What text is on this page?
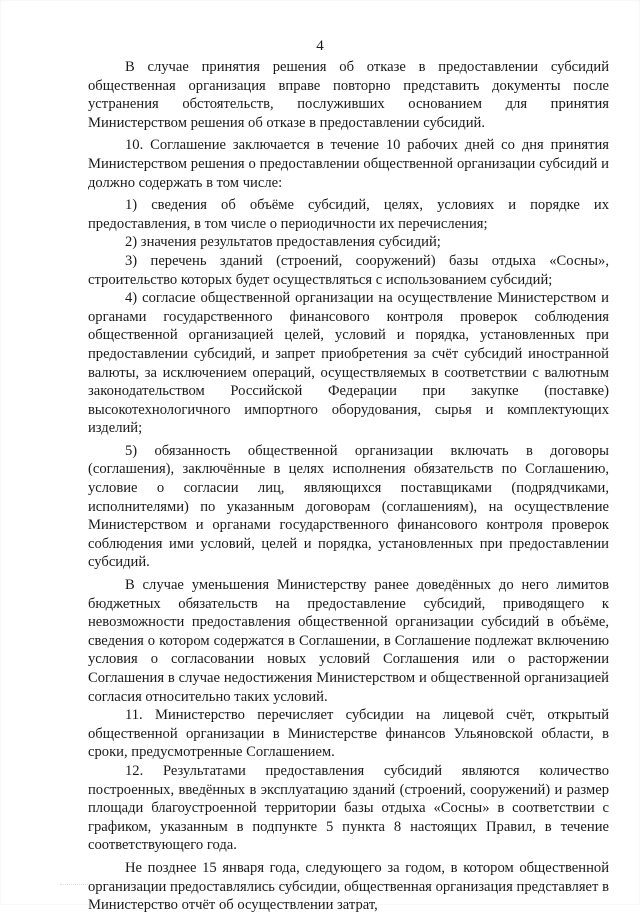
4

В случае принятия решения об отказе в предоставлении субсидий общественная организация вправе повторно представить документы после устранения обстоятельств, послуживших основанием для принятия Министерством решения об отказе в предоставлении субсидий.

10. Соглашение заключается в течение 10 рабочих дней со дня принятия Министерством решения о предоставлении общественной организации субсидий и должно содержать в том числе:

1) сведения об объёме субсидий, целях, условиях и порядке их предоставления, в том числе о периодичности их перечисления;

2) значения результатов предоставления субсидий;

3) перечень зданий (строений, сооружений) базы отдыха «Сосны», строительство которых будет осуществляться с использованием субсидий;

4) согласие общественной организации на осуществление Министерством и органами государственного финансового контроля проверок соблюдения общественной организацией целей, условий и порядка, установленных при предоставлении субсидий, и запрет приобретения за счёт субсидий иностранной валюты, за исключением операций, осуществляемых в соответствии с валютным законодательством Российской Федерации при закупке (поставке) высокотехнологичного импортного оборудования, сырья и комплектующих изделий;

5) обязанность общественной организации включать в договоры (соглашения), заключённые в целях исполнения обязательств по Соглашению, условие о согласии лиц, являющихся поставщиками (подрядчиками, исполнителями) по указанным договорам (соглашениям), на осуществление Министерством и органами государственного финансового контроля проверок соблюдения ими условий, целей и порядка, установленных при предоставлении субсидий.

В случае уменьшения Министерству ранее доведённых до него лимитов бюджетных обязательств на предоставление субсидий, приводящего к невозможности предоставления общественной организации субсидий в объёме, сведения о котором содержатся в Соглашении, в Соглашение подлежат включению условия о согласовании новых условий Соглашения или о расторжении Соглашения в случае недостижения Министерством и общественной организацией согласия относительно таких условий.

11. Министерство перечисляет субсидии на лицевой счёт, открытый общественной организации в Министерстве финансов Ульяновской области, в сроки, предусмотренные Соглашением.

12. Результатами предоставления субсидий являются количество построенных, введённых в эксплуатацию зданий (строений, сооружений) и размер площади благоустроенной территории базы отдыха «Сосны» в соответствии с графиком, указанным в подпункте 5 пункта 8 настоящих Правил, в течение соответствующего года.

Не позднее 15 января года, следующего за годом, в котором общественной организации предоставлялись субсидии, общественная организация представляет в Министерство отчёт об осуществлении затрат,
